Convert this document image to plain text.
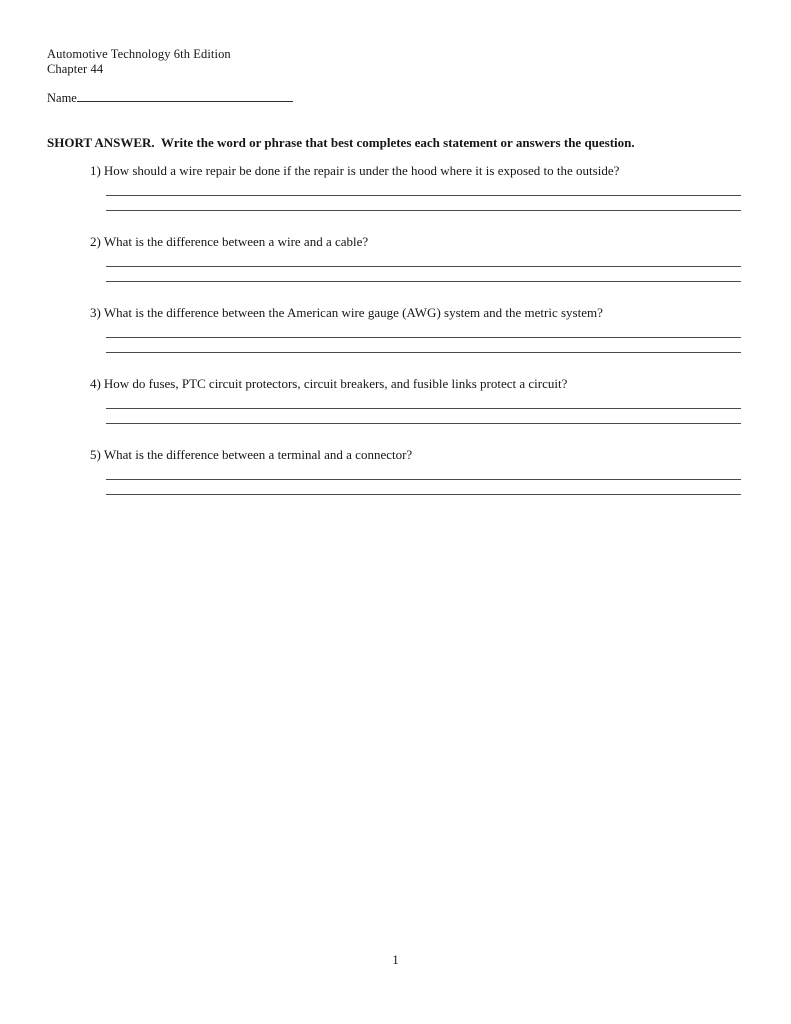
Automotive Technology 6th Edition
Chapter 44
Name
SHORT ANSWER.  Write the word or phrase that best completes each statement or answers the question.
1) How should a wire repair be done if the repair is under the hood where it is exposed to the outside?
2) What is the difference between a wire and a cable?
3) What is the difference between the American wire gauge (AWG) system and the metric system?
4) How do fuses, PTC circuit protectors, circuit breakers, and fusible links protect a circuit?
5) What is the difference between a terminal and a connector?
1
